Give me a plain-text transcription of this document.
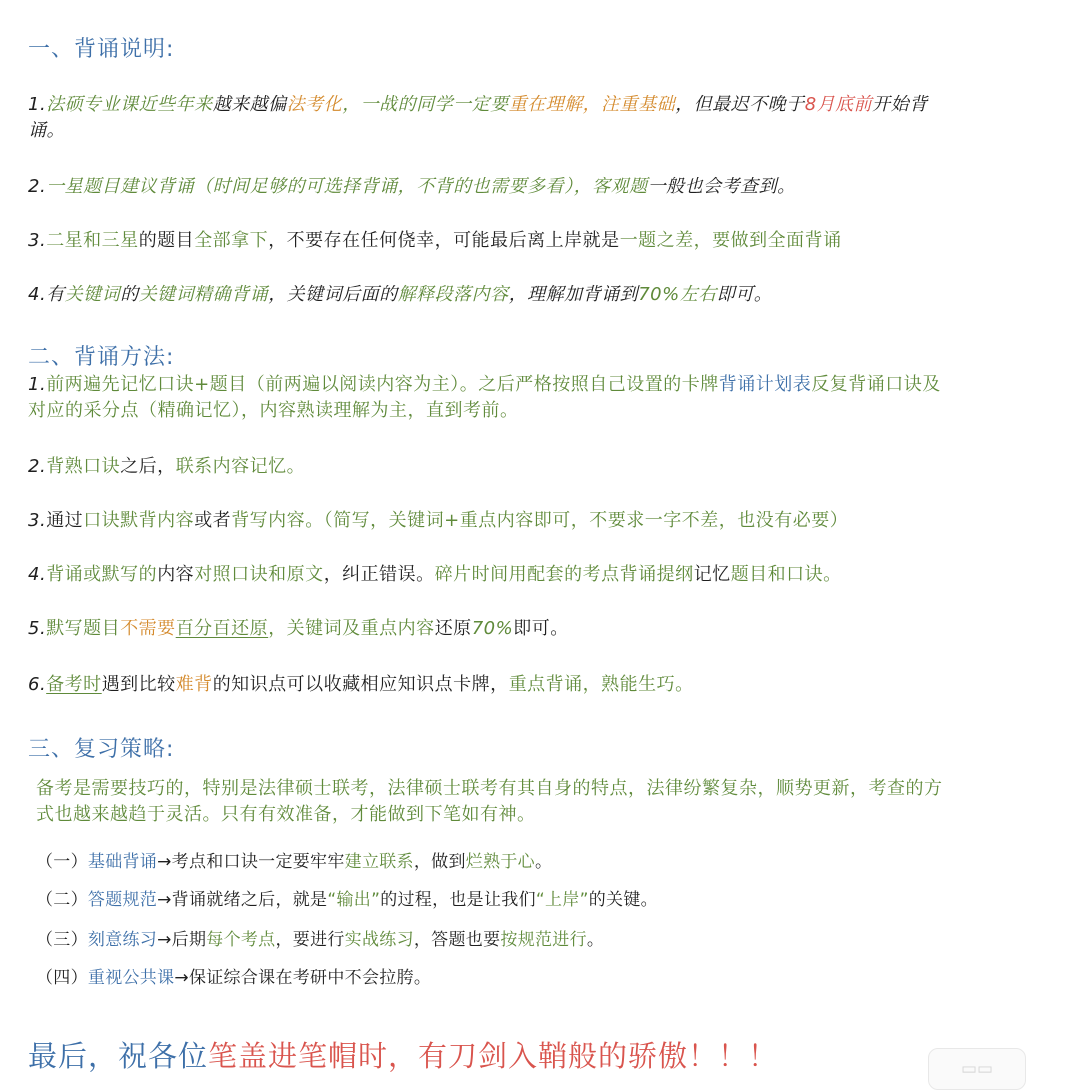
一、背诵说明:
1.法硕专业课近些年来越来越偏法考化，一战的同学一定要重在理解，注重基础，但最迟不晚于8月底前开始背
诵。
2.一星题目建议背诵（时间足够的可选择背诵，不背的也需要多看），客观题一般也会考查到。
3.二星和三星的题目全部拿下，不要存在任何侥幸，可能最后离上岸就是一题之差，要做到全面背诵
4.有关键词的关键词精确背诵，关键词后面的解释段落内容，理解加背诵到70%左右即可。
二、背诵方法:
1.前两遍先记忆口诀+题目（前两遍以阅读内容为主）。之后严格按照自己设置的卡牌背诵计划表反复背诵口诀及
对应的采分点（精确记忆），内容熟读理解为主，直到考前。
2.背熟口诀之后，联系内容记忆。
3.通过口诀默背内容或者背写内容。（简写，关键词+重点内容即可，不要求一字不差，也没有必要）
4.背诵或默写的内容对照口诀和原文，纠正错误。碎片时间用配套的考点背诵提纲记忆题目和口诀。
5.默写题目不需要百分百还原，关键词及重点内容还原70%即可。
6.备考时遇到比较难背的知识点可以收藏相应知识点卡牌，重点背诵，熟能生巧。
三、复习策略:
备考是需要技巧的，特别是法律硕士联考，法律硕士联考有其自身的特点，法律纷繁复杂，顺势更新，考查的方
式也越来越趋于灵活。只有有效准备，才能做到下笔如有神。
（一）基础背诵→考点和口诀一定要牢牢建立联系，做到烂熟于心。
（二）答题规范→背诵就绪之后，就是“输出”的过程，也是让我们“上岸”的关键。
（三）刻意练习→后期每个考点，要进行实战练习，答题也要按规范进行。
（四）重视公共课→保证综合课在考研中不会拉胯。
最后，祝各位笔盖进笔帽时，有刀剑入鞘般的骄傲！！！	▭▭
